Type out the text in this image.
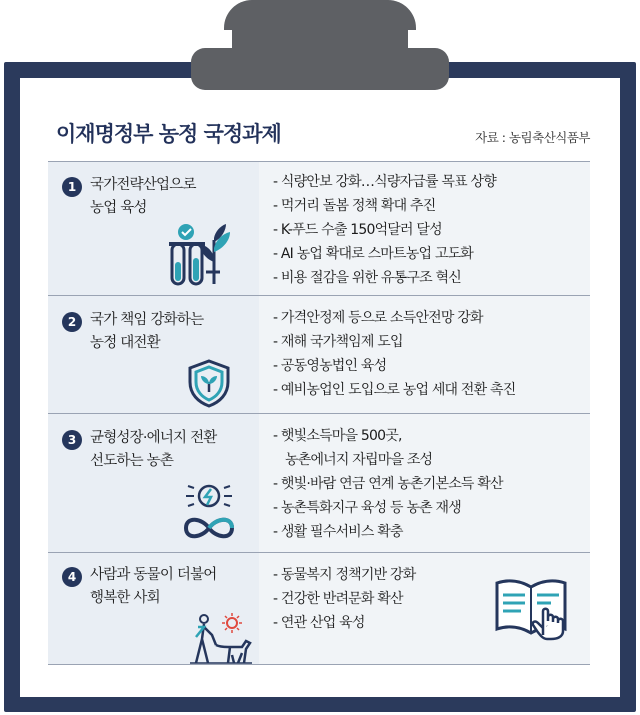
이재명정부 농정 국정과제	자료 : 농림축산식품부
1 국가전략산업으로
농업 육성
- 식량안보 강화…식량자급률 목표 상향
- 먹거리 돌봄 정책 확대 추진
- K-푸드 수출 150억달러 달성
- AI 농업 확대로 스마트농업 고도화
- 비용 절감을 위한 유통구조 혁신
2 국가 책임 강화하는
농정 대전환
- 가격안정제 등으로 소득안전망 강화
- 재해 국가책임제 도입
- 공동영농법인 육성
- 예비농업인 도입으로 농업 세대 전환 촉진
3 균형성장·에너지 전환
선도하는 농촌
- 햇빛소득마을 500곳,
농촌에너지 자립마을 조성
- 햇빛·바람 연금 연계 농촌기본소득 확산
- 농촌특화지구 육성 등 농촌 재생
- 생활 필수서비스 확충
4 사람과 동물이 더불어
행복한 사회
- 동물복지 정책기반 강화
- 건강한 반려문화 확산
- 연관 산업 육성
